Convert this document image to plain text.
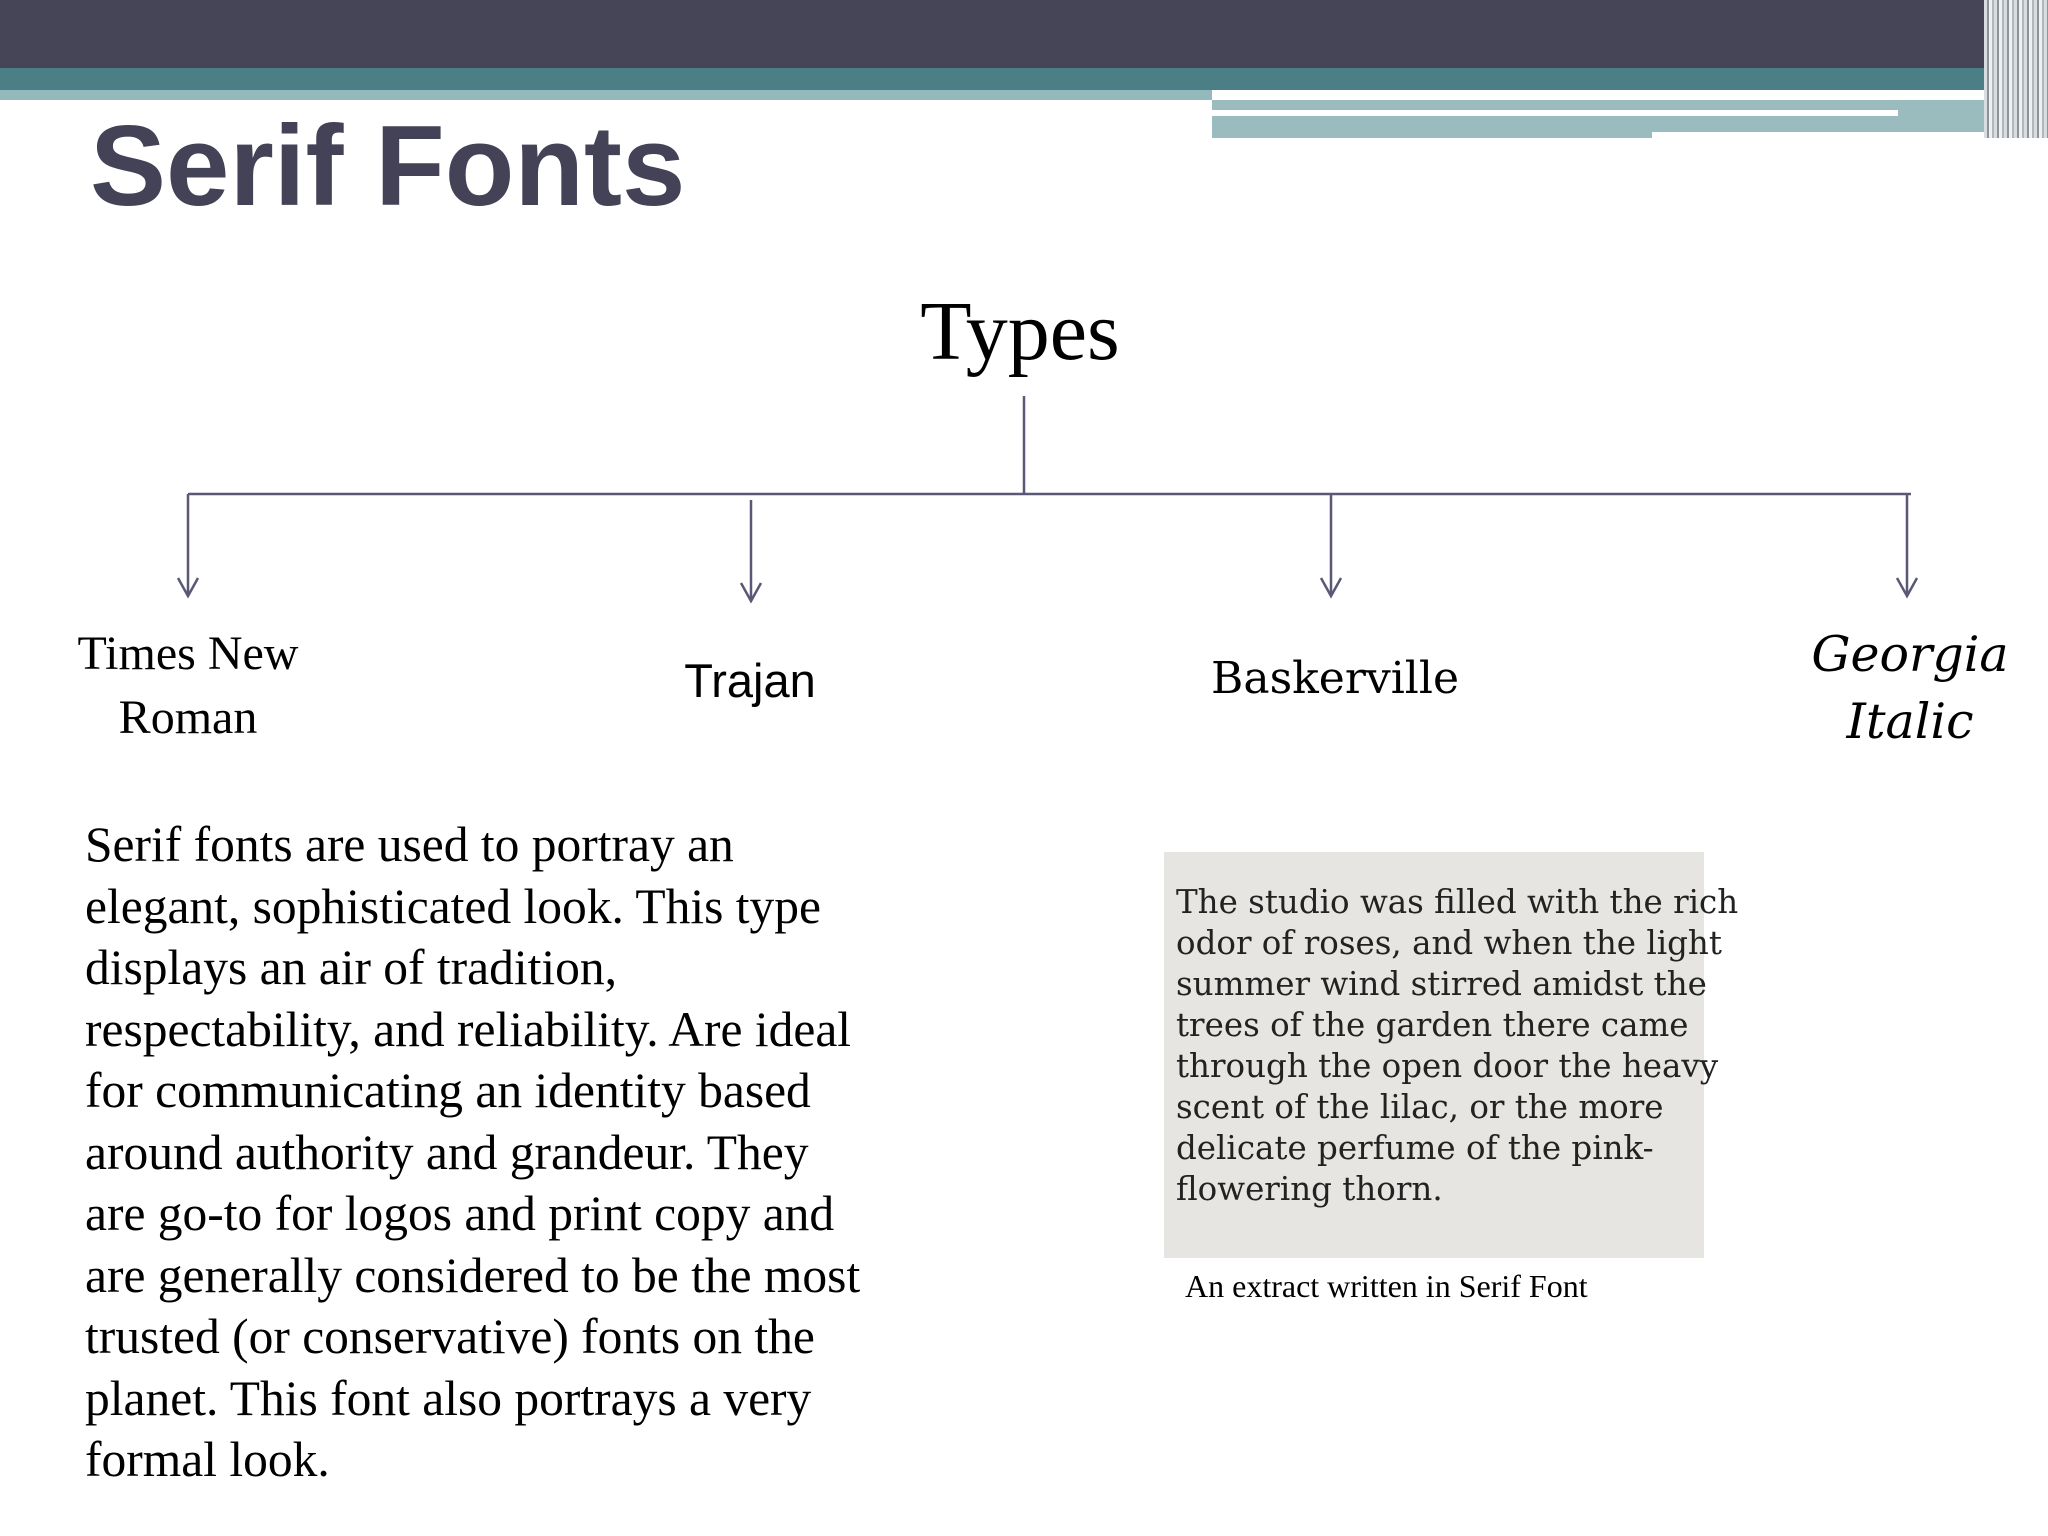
Serif Fonts
Types
Times New
Roman
Trajan	Baskerville	Georgia
Italic
Serif fonts are used to portray an
elegant, sophisticated look. This type
displays an air of tradition,
respectability, and reliability. Are ideal
for communicating an identity based
around authority and grandeur. They
are go-to for logos and print copy and
are generally considered to be the most
trusted (or conservative) fonts on the
planet. This font also portrays a very
formal look.
The studio was filled with the rich
odor of roses, and when the light
summer wind stirred amidst the
trees of the garden there came
through the open door the heavy
scent of the lilac, or the more
delicate perfume of the pink-
flowering thorn.
An extract written in Serif Font
